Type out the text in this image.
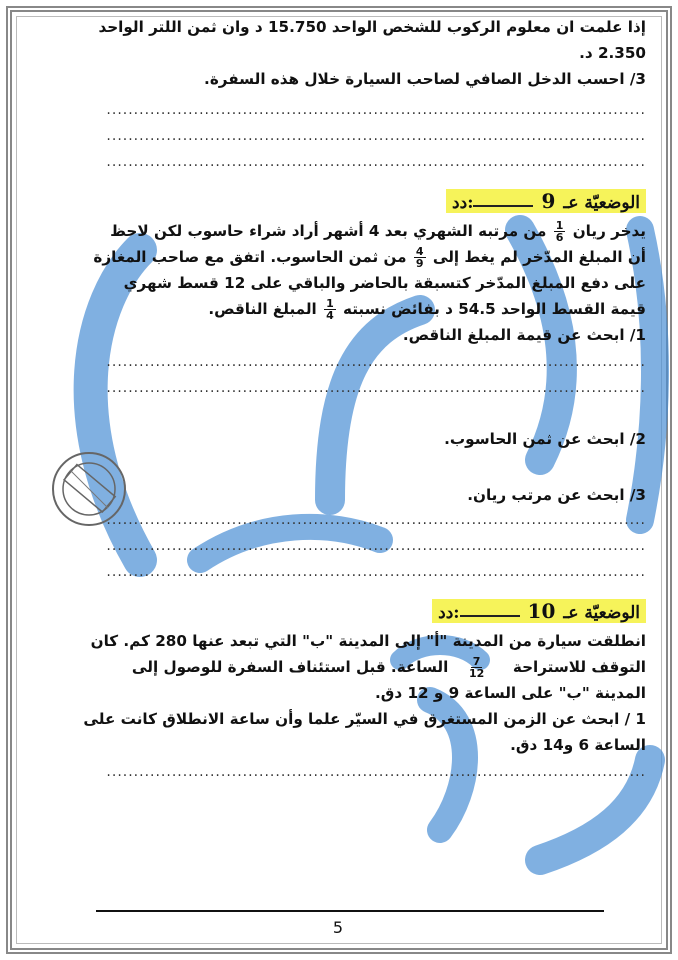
إذا علمت ان معلوم الركوب للشخص الواحد 15.750 د وان ثمن اللتر الواحد
2.350 د.
3/ احسب الدخل الصافي لصاحب السيارة خلال هذه السفرة.
...................................................................................................
...................................................................................................
...................................................................................................
دد:	9 الوضعيّة عـ
يدخر ريان
$\frac{1}{6}$
من مرتبه الشهري بعد 4 أشهر أراد شراء حاسوب لكن لاحظ
أن المبلغ المدّخر لم يغط إلى
$\frac{4}{9}$
من ثمن الحاسوب. اتفق مع صاحب المغازة
على دفع المبلغ المدّخر كتسبقة بالحاضر والباقي على 12 قسط شهري
قيمة القسط الواحد 54.5 د بفائض نسبته
$\frac{1}{4}$
المبلغ الناقص.
1/ ابحث عن قيمة المبلغ الناقص.
...................................................................................................
...................................................................................................
2/ ابحث عن ثمن الحاسوب.
3/ ابحث عن مرتب ريان.
...................................................................................................
...................................................................................................
...................................................................................................
دد:	10 الوضعيّة عـ
انطلقت سيارة من المدينة "أ" إلى المدينة "ب" التي تبعد عنها 280 كم. كان
التوقف للاستراحة
$\frac{7}{12}$
الساعة. قبل استئناف السفرة للوصول إلى
المدينة "ب" على الساعة 9 و 12 دق.
1 / ابحث عن الزمن المستغرق في السيّر علما وأن ساعة الانطلاق كانت على
الساعة 6 و14 دق.
...................................................................................................
5
